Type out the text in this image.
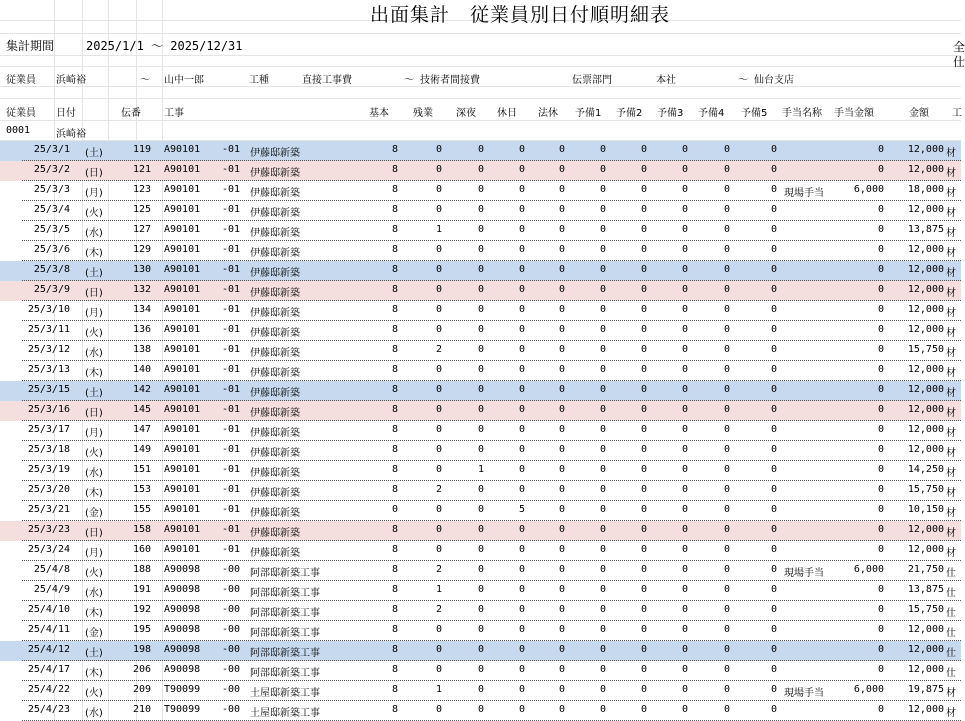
出面集計　従業員別日付順明細表
集計期間	2025/1/1 ～ 2025/12/31	全
仕
従業員 浜崎裕	～ 山中一郎	工種	直接工事費	～ 技術者間接費	伝票部門	本社	～ 仙台支店
従業員 日付	伝番 工事	基本 残業 深夜 休日 法休 予備1 予備2 予備3 予備4 予備5 手当名称 手当金額	金額 工
0001	浜崎裕
25/3/1 (土)	119 A90101	-01 伊藤邸新築	8	0	0	0	0	0	0	0	0	0	0	12,000 材
25/3/2 (日)	121 A90101	-01 伊藤邸新築	8	0	0	0	0	0	0	0	0	0	0	12,000 材
25/3/3 (月)	123 A90101	-01 伊藤邸新築	8	0	0	0	0	0	0	0	0	0 現場手当	6,000	18,000 材
25/3/4 (火)	125 A90101	-01 伊藤邸新築	8	0	0	0	0	0	0	0	0	0	0	12,000 材
25/3/5 (水)	127 A90101	-01 伊藤邸新築	8	1	0	0	0	0	0	0	0	0	0	13,875 材
25/3/6 (木)	129 A90101	-01 伊藤邸新築	8	0	0	0	0	0	0	0	0	0	0	12,000 材
25/3/8 (土)	130 A90101	-01 伊藤邸新築	8	0	0	0	0	0	0	0	0	0	0	12,000 材
25/3/9 (日)	132 A90101	-01 伊藤邸新築	8	0	0	0	0	0	0	0	0	0	0	12,000 材
25/3/10 (月)	134 A90101	-01 伊藤邸新築	8	0	0	0	0	0	0	0	0	0	0	12,000 材
25/3/11 (火)	136 A90101	-01 伊藤邸新築	8	0	0	0	0	0	0	0	0	0	0	12,000 材
25/3/12 (水)	138 A90101	-01 伊藤邸新築	8	2	0	0	0	0	0	0	0	0	0	15,750 材
25/3/13 (木)	140 A90101	-01 伊藤邸新築	8	0	0	0	0	0	0	0	0	0	0	12,000 材
25/3/15 (土)	142 A90101	-01 伊藤邸新築	8	0	0	0	0	0	0	0	0	0	0	12,000 材
25/3/16 (日)	145 A90101	-01 伊藤邸新築	8	0	0	0	0	0	0	0	0	0	0	12,000 材
25/3/17 (月)	147 A90101	-01 伊藤邸新築	8	0	0	0	0	0	0	0	0	0	0	12,000 材
25/3/18 (火)	149 A90101	-01 伊藤邸新築	8	0	0	0	0	0	0	0	0	0	0	12,000 材
25/3/19 (水)	151 A90101	-01 伊藤邸新築	8	0	1	0	0	0	0	0	0	0	0	14,250 材
25/3/20 (木)	153 A90101	-01 伊藤邸新築	8	2	0	0	0	0	0	0	0	0	0	15,750 材
25/3/21 (金)	155 A90101	-01 伊藤邸新築	0	0	0	5	0	0	0	0	0	0	0	10,150 材
25/3/23 (日)	158 A90101	-01 伊藤邸新築	8	0	0	0	0	0	0	0	0	0	0	12,000 材
25/3/24 (月)	160 A90101	-01 伊藤邸新築	8	0	0	0	0	0	0	0	0	0	0	12,000 材
25/4/8 (火)	188 A90098	-00 阿部邸新築工事	8	2	0	0	0	0	0	0	0	0 現場手当	6,000	21,750 仕
25/4/9 (水)	191 A90098	-00 阿部邸新築工事	8	1	0	0	0	0	0	0	0	0	0	13,875 仕
25/4/10 (木)	192 A90098	-00 阿部邸新築工事	8	2	0	0	0	0	0	0	0	0	0	15,750 仕
25/4/11 (金)	195 A90098	-00 阿部邸新築工事	8	0	0	0	0	0	0	0	0	0	0	12,000 仕
25/4/12 (土)	198 A90098	-00 阿部邸新築工事	8	0	0	0	0	0	0	0	0	0	0	12,000 仕
25/4/17 (木)	206 A90098	-00 阿部邸新築工事	8	0	0	0	0	0	0	0	0	0	0	12,000 仕
25/4/22 (火)	209 T90099	-00 土屋邸新築工事	8	1	0	0	0	0	0	0	0	0 現場手当	6,000	19,875 材
25/4/23 (水)	210 T90099	-00 土屋邸新築工事	8	0	0	0	0	0	0	0	0	0	0	12,000 材
